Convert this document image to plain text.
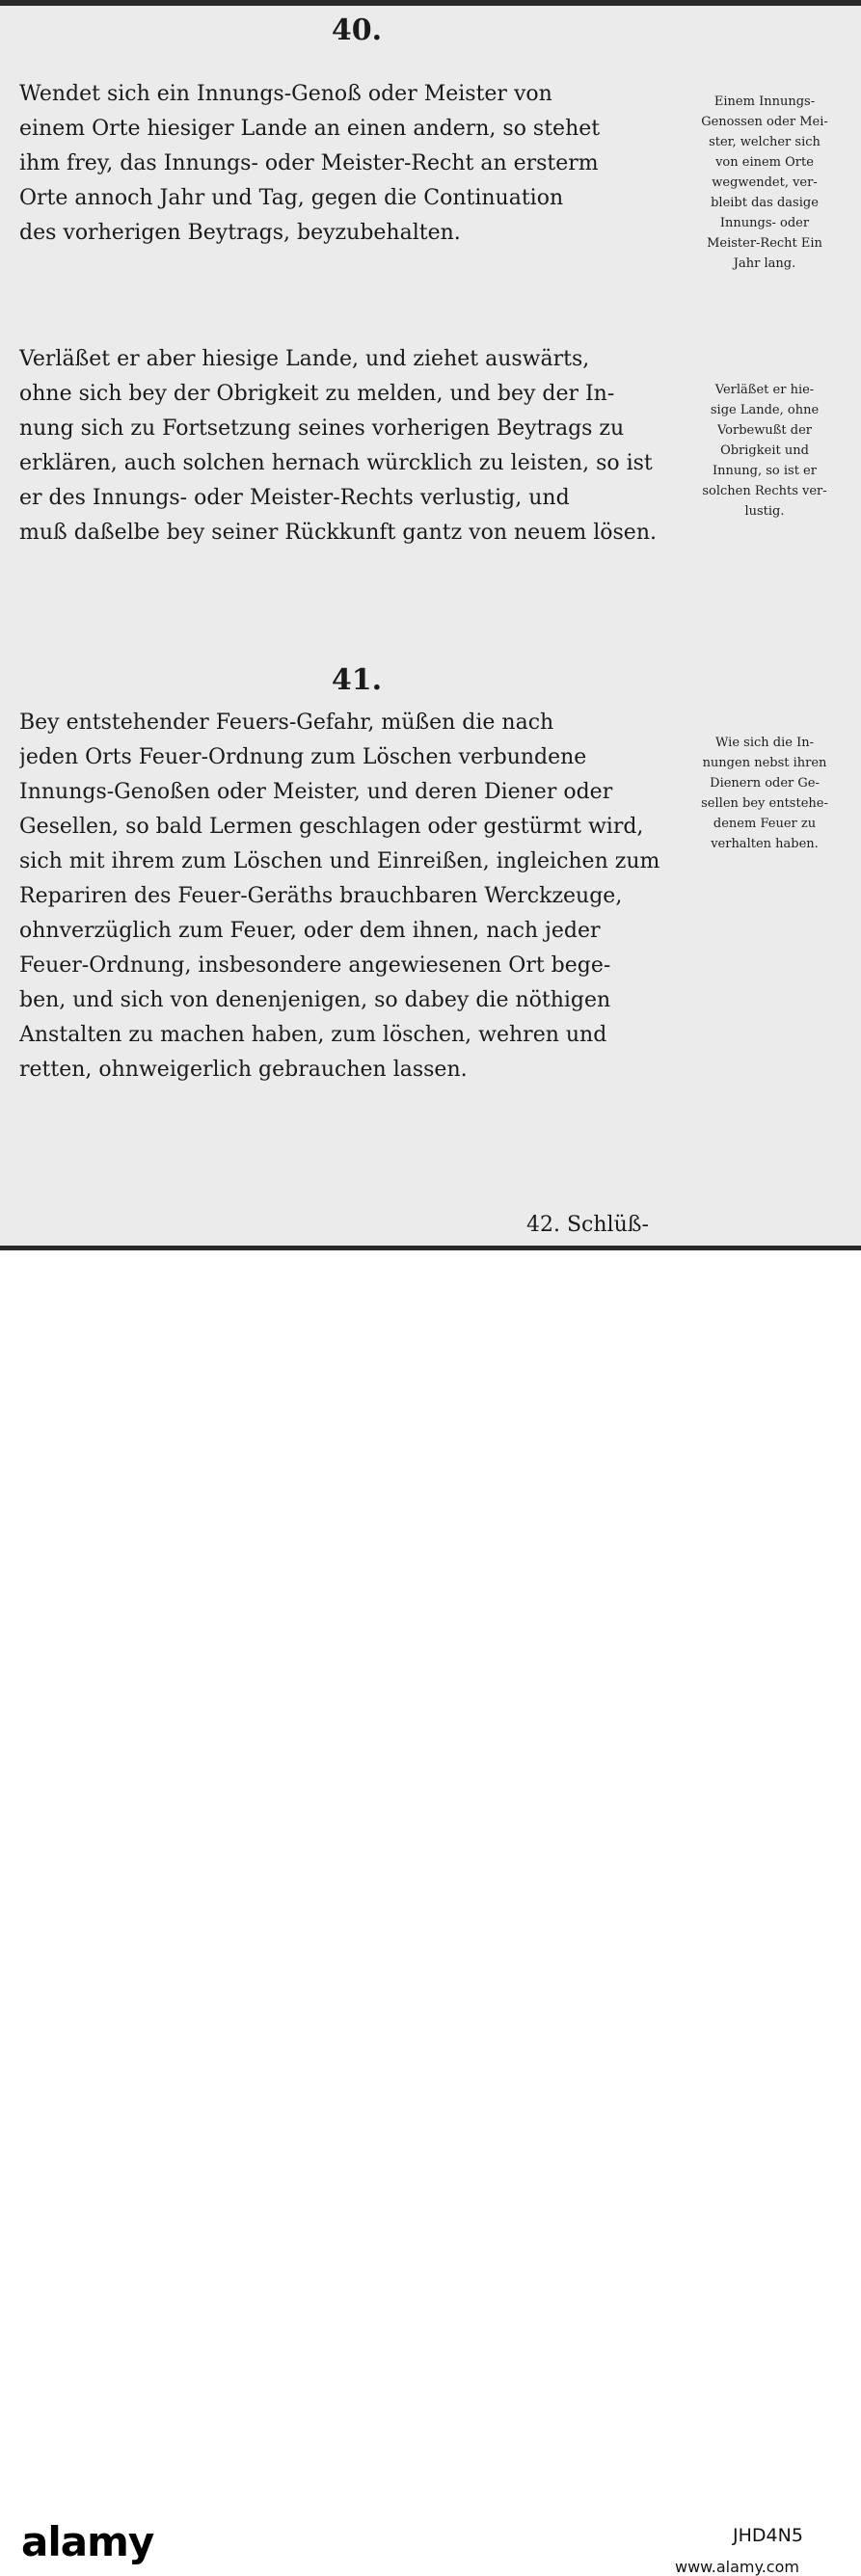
40.

Wendet sich ein Innungs-Genoß oder Meister von
einem Orte hiesiger Lande an einen andern, so stehet
ihm frey, das Innungs- oder Meister-Recht an ersterm
Orte annoch Jahr und Tag, gegen die Continuation
des vorherigen Beytrags, beyzubehalten.

Einem Innungs-
Genossen oder Mei-
ster, welcher sich
von einem Orte
wegwendet, ver-
bleibt das dasige
Innungs- oder
Meister-Recht Ein
Jahr lang.

Verläßet er aber hiesige Lande, und ziehet auswärts,
ohne sich bey der Obrigkeit zu melden, und bey der In-
nung sich zu Fortsetzung seines vorherigen Beytrags zu
erklären, auch solchen hernach würcklich zu leisten, so ist
er des Innungs- oder Meister-Rechts verlustig, und
muß daßelbe bey seiner Rückkunft gantz von neuem lösen.

Verläßet er hie-
sige Lande, ohne
Vorbewußt der
Obrigkeit und
Innung, so ist er
solchen Rechts ver-
lustig.

41.

Bey entstehender Feuers-Gefahr, müßen die nach
jeden Orts Feuer-Ordnung zum Löschen verbundene
Innungs-Genoßen oder Meister, und deren Diener oder
Gesellen, so bald Lermen geschlagen oder gestürmt wird,
sich mit ihrem zum Löschen und Einreißen, ingleichen zum
Repariren des Feuer-Geräths brauchbaren Werckzeuge,
ohnverzüglich zum Feuer, oder dem ihnen, nach jeder
Feuer-Ordnung, insbesondere angewiesenen Ort bege-
ben, und sich von denenjenigen, so dabey die nöthigen
Anstalten zu machen haben, zum löschen, wehren und
retten, ohnweigerlich gebrauchen lassen.

Wie sich die In-
nungen nebst ihren
Dienern oder Ge-
sellen bey entstehe-
denem Feuer zu
verhalten haben.

42. Schlüß-
alamy	JHD4N5
www.alamy.com
